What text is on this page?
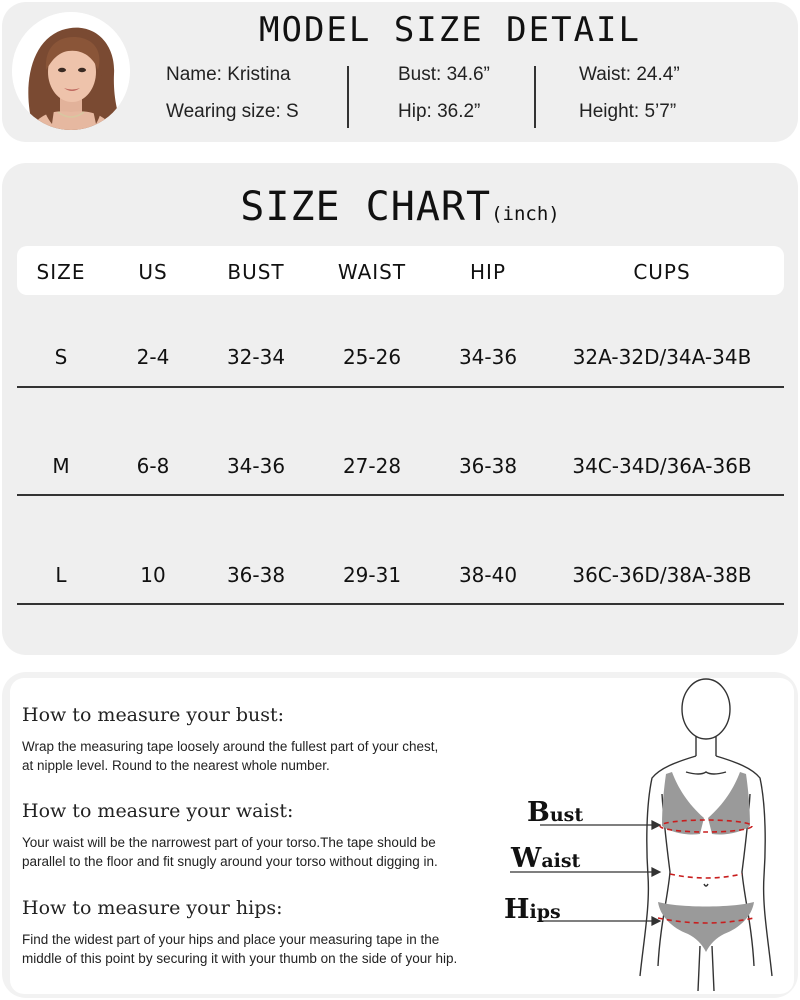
MODEL SIZE DETAIL
Name: Kristina
Wearing size: S
Bust: 34.6”
Hip: 36.2”
Waist: 24.4”
Height: 5’7”
SIZE CHART(inch)
SIZE	US	BUST	WAIST	HIP	CUPS
S	2-4	32-34	25-26	34-36	32A-32D/34A-34B
M	6-8	34-36	27-28	36-38	34C-34D/36A-36B
L	10	36-38	29-31	38-40	36C-36D/38A-38B
How to measure your bust:
Wrap the measuring tape loosely around the fullest part of your chest,
at nipple level. Round to the nearest whole number.
How to measure your waist:
Your waist will be the narrowest part of your torso.The tape should be
parallel to the floor and fit snugly around your torso without digging in.
How to measure your hips:
Find the widest part of your hips and place your measuring tape in the
middle of this point by securing it with your thumb on the side of your hip.
Bust
Waist
Hips
